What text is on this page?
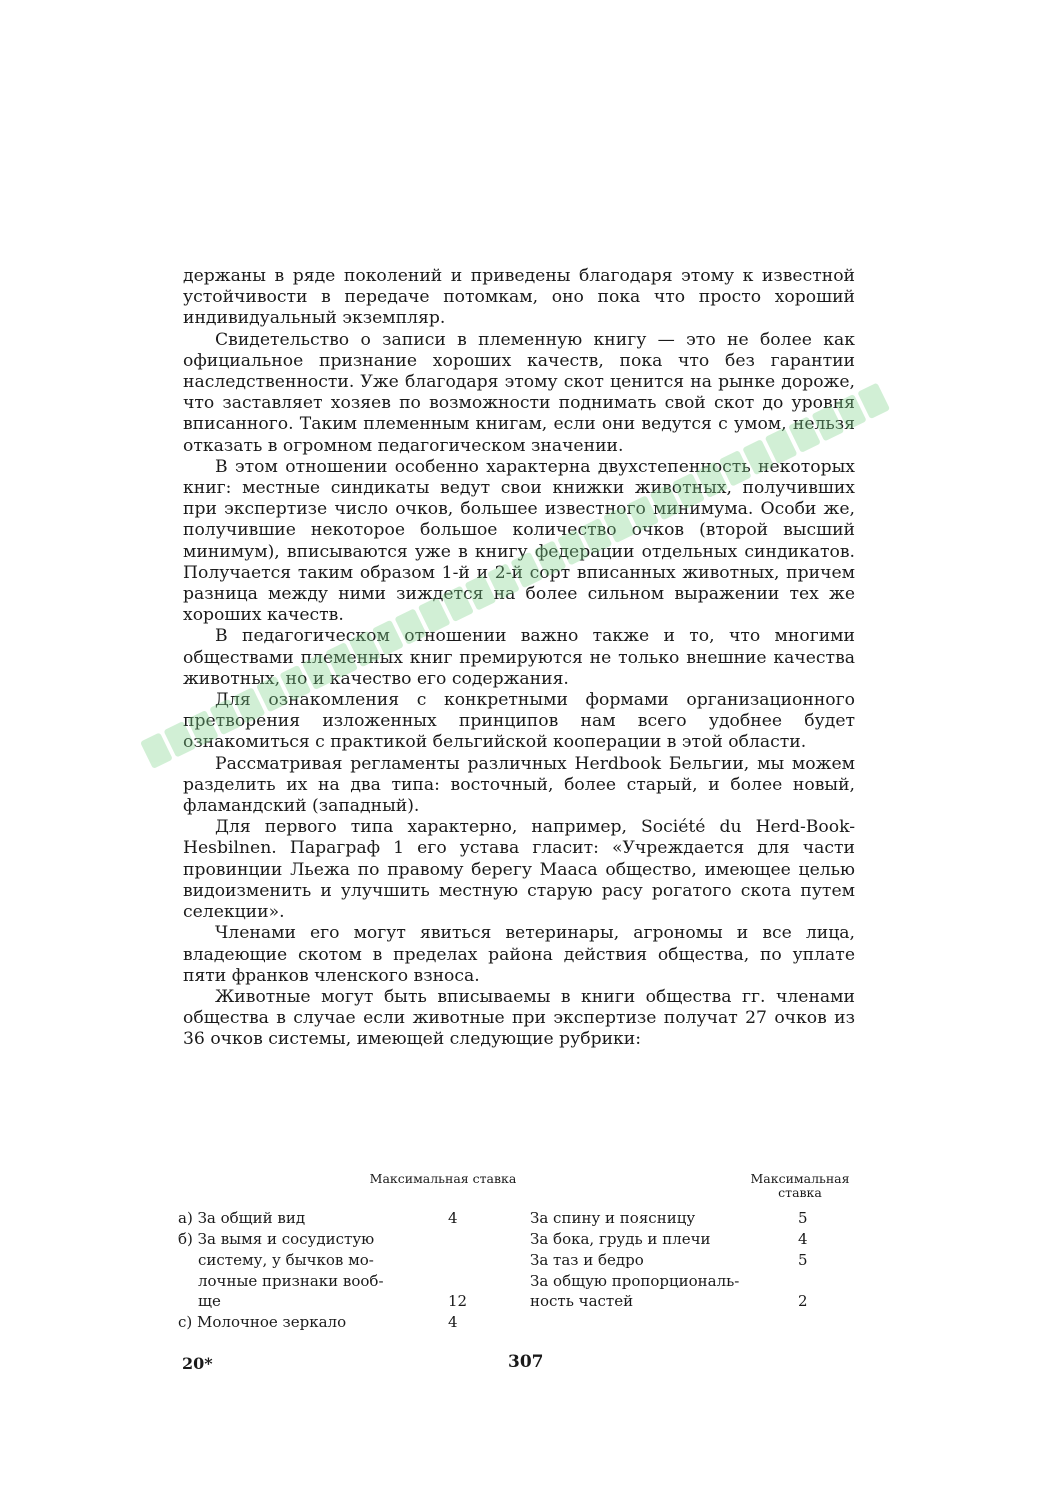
держаны в ряде поколений и приведены благодаря этому к известной устойчивости в передаче потомкам, оно пока что просто хороший индивидуальный экземпляр.

Свидетельство о записи в племенную книгу — это не более как официальное признание хороших качеств, пока что без гарантии наследственности. Уже благодаря этому скот ценится на рынке дороже, что заставляет хозяев по возможности поднимать свой скот до уровня вписанного. Таким племенным книгам, если они ведутся с умом, нельзя отказать в огромном педагогическом значении.

В этом отношении особенно характерна двухстепенность некоторых книг: местные синдикаты ведут свои книжки животных, получивших при экспертизе число очков, большее известного минимума. Особи же, получившие некоторое большое количество очков (второй высший минимум), вписываются уже в книгу федерации отдельных синдикатов. Получается таким образом 1-й и 2-й сорт вписанных животных, причем разница между ними зиждется на более сильном выражении тех же хороших качеств.

В педагогическом отношении важно также и то, что многими обществами племенных книг премируются не только внешние качества животных, но и качество его содержания.

Для ознакомления с конкретными формами организационного претворения изложенных принципов нам всего удобнее будет ознакомиться с практикой бельгийской кооперации в этой области.

Рассматривая регламенты различных Herdbook Бельгии, мы можем разделить их на два типа: восточный, более старый, и более новый, фламандский (западный).

Для первого типа характерно, например, Société du Herd-Book-Hesbilnen. Параграф 1 его устава гласит: «Учреждается для части провинции Льежа по правому берегу Мааса общество, имеющее целью видоизменить и улучшить местную старую расу рогатого скота путем селекции».

Членами его могут явиться ветеринары, агрономы и все лица, владеющие скотом в пределах района действия общества, по уплате пяти франков членского взноса.

Животные могут быть вписываемы в книги общества гг. членами общества в случае если животные при экспертизе получат 27 очков из 36 очков системы, имеющей следующие рубрики:

Максимальная ставка
а) За общий вид	4
б) За вымя и сосудистую
систему, у бычков мо-
лочные признаки вооб-
ще	12
с) Молочное зеркало	4
Максимальная ставка
За спину и поясницу	5
За бока, грудь и плечи	4
За таз и бедро	5
За общую пропорциональ-
ность частей	2
20*	307
